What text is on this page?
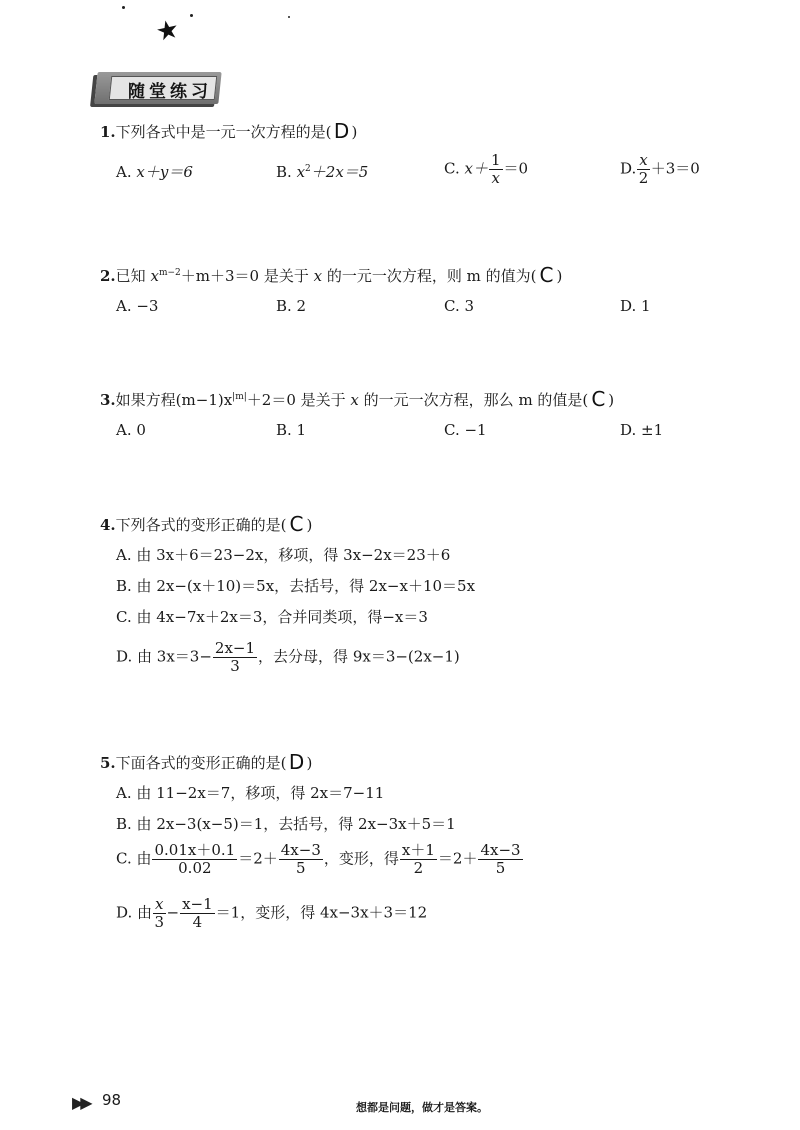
★
随堂练习
1.下列各式中是一元一次方程的是( D )
A. x＋y＝6	B. $x^2+2x=5$	C. $x+ \frac{1}{x} =0$	D. $\frac{x}{2} +3=0$
2.已知 $x^{m-2}+m+3=0$ 是关于 x 的一元一次方程，则 m 的值为( C )
A. −3	B. 2	C. 3	D. 1
3.如果方程$(m-1)x^{|m|}+2=0$ 是关于 x 的一元一次方程，那么 m 的值是( C )
A. 0	B. 1	C. −1	D. ±1
4.下列各式的变形正确的是( C )
A. 由 3x＋6＝23−2x，移项，得 3x−2x＝23＋6
B. 由 2x−(x＋10)＝5x，去括号，得 2x−x＋10＝5x
C. 由 4x−7x＋2x＝3，合并同类项，得−x＝3
D. 由 $3x=3- \frac{2x-1}{3}$ ，去分母，得 9x＝3−(2x−1)
5.下面各式的变形正确的是( D )
A. 由 11−2x＝7，移项，得 2x＝7−11
B. 由 2x−3(x−5)＝1，去括号，得 2x−3x＋5＝1
C. 由 $\frac{0.01x+0.1}{0.02} =2+ \frac{4x-3}{5}$ ，变形，得 $\frac{x+1}{2} =2+ \frac{4x-3}{5}$
D. 由 $\frac{x}{3} - \frac{x-1}{4} =1$，变形，得 4x−3x＋3＝12
▶▶ 98	想都是问题，做才是答案。
